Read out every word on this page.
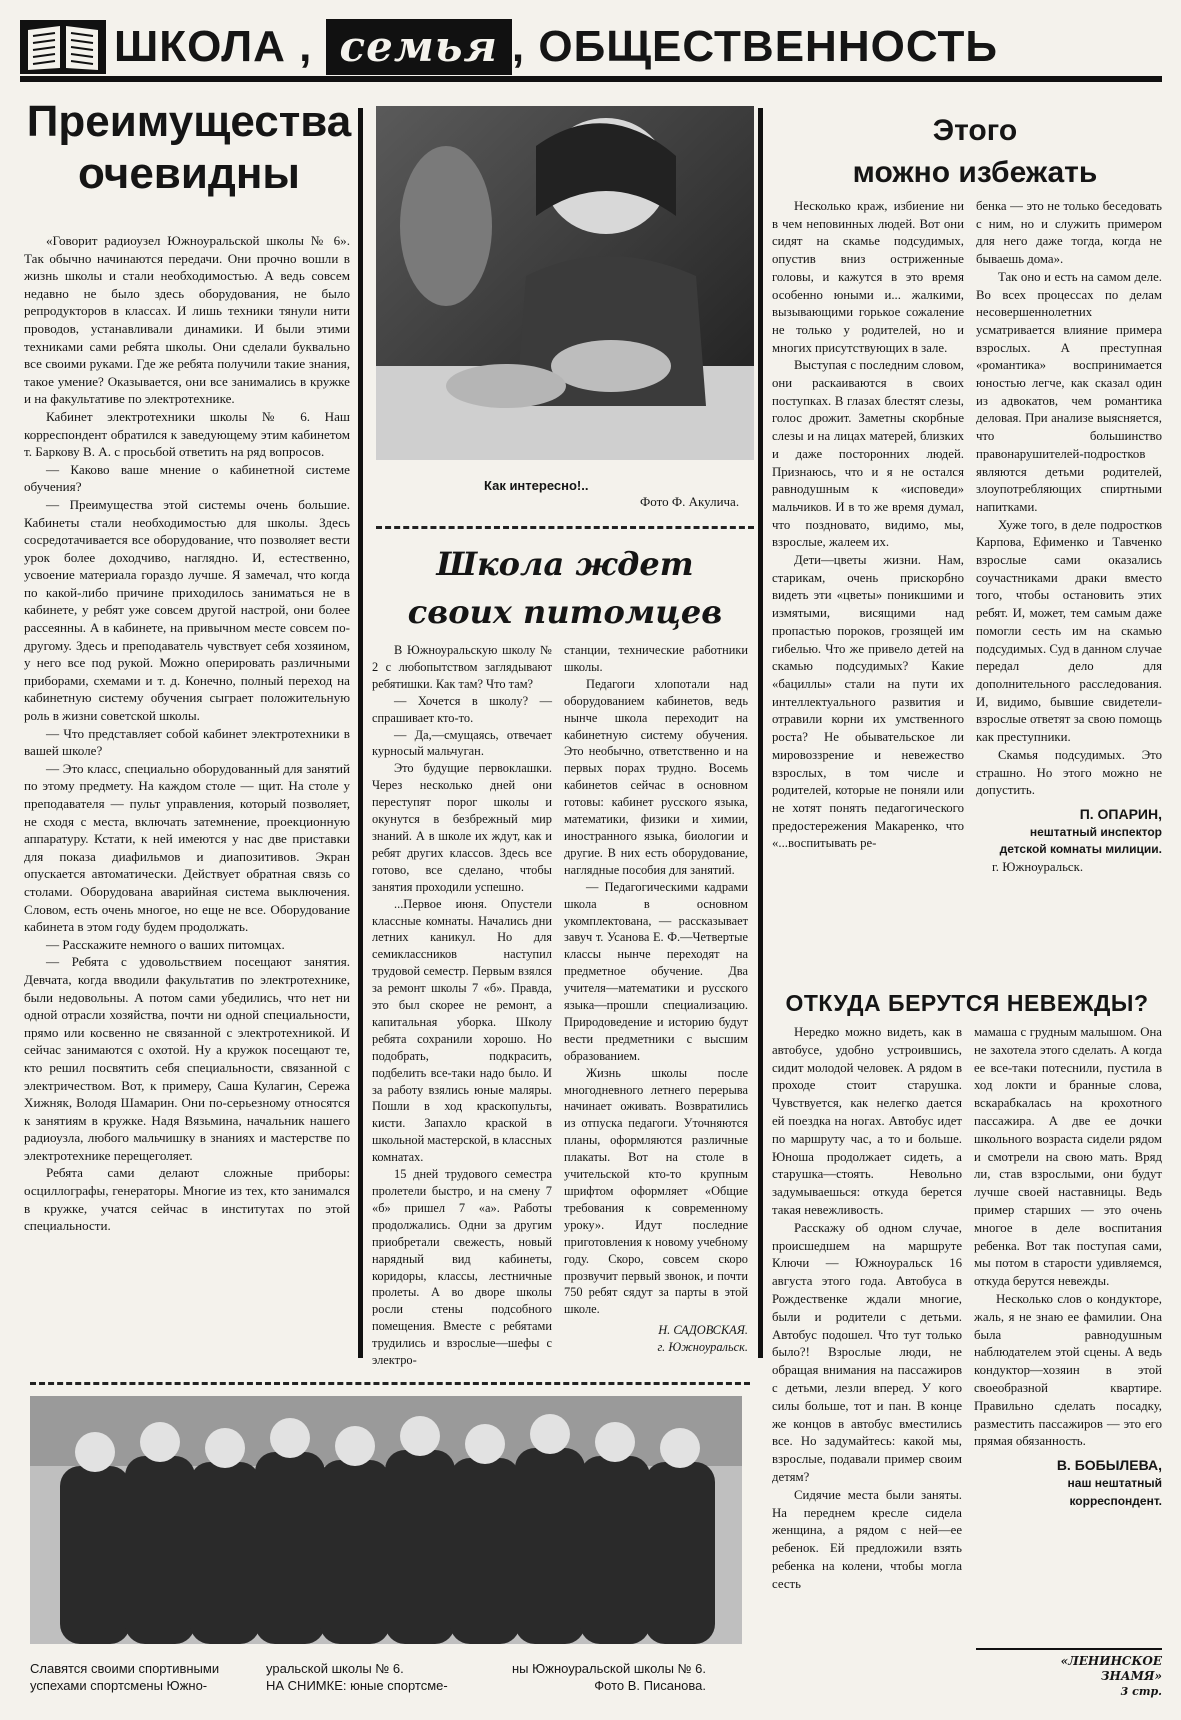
ШКОЛА , семья , ОБЩЕСТВЕННОСТЬ
Преимущества
очевидны

«Говорит радиоузел Южноуральской школы № 6». Так обычно начинаются передачи. Они прочно вошли в жизнь школы и стали необходимостью. А ведь совсем недавно не было здесь оборудования, не было репродукторов в классах. И лишь техники тянули нити проводов, устанавливали динамики. И были этими техниками сами ребята школы. Они сделали буквально все своими руками. Где же ребята получили такие знания, такое умение? Оказывается, они все занимались в кружке и на факультативе по электротехнике.

Кабинет электротехники школы № 6. Наш корреспондент обратился к заведующему этим кабинетом т. Баркову В. А. с просьбой ответить на ряд вопросов.

— Каково ваше мнение о кабинетной системе обучения?

— Преимущества этой системы очень большие. Кабинеты стали необходимостью для школы. Здесь сосредотачивается все оборудование, что позволяет вести урок более доходчиво, наглядно. И, естественно, усвоение материала гораздо лучше. Я замечал, что когда по какой-либо причине приходилось заниматься не в кабинете, у ребят уже совсем другой настрой, они более рассеянны. А в кабинете, на привычном месте совсем по-другому. Здесь и преподаватель чувствует себя хозяином, у него все под рукой. Можно оперировать различными приборами, схемами и т. д. Конечно, полный переход на кабинетную систему обучения сыграет положительную роль в жизни советской школы.

— Что представляет собой кабинет электротехники в вашей школе?

— Это класс, специально оборудованный для занятий по этому предмету. На каждом столе — щит. На столе у преподавателя — пульт управления, который позволяет, не сходя с места, включать затемнение, проекционную аппаратуру. Кстати, к ней имеются у нас две приставки для показа диафильмов и диапозитивов. Экран опускается автоматически. Действует обратная связь со столами. Оборудована аварийная система выключения. Словом, есть очень многое, но еще не все. Оборудование кабинета в этом году будем продолжать.

— Расскажите немного о ваших питомцах.

— Ребята с удовольствием посещают занятия. Девчата, когда вводили факультатив по электротехнике, были недовольны. А потом сами убедились, что нет ни одной отрасли хозяйства, почти ни одной специальности, прямо или косвенно не связанной с электротехникой. И сейчас занимаются с охотой. Ну а кружок посещают те, кто решил посвятить себя специальности, связанной с электричеством. Вот, к примеру, Саша Кулагин, Сережа Хижняк, Володя Шамарин. Они по-серьезному относятся к занятиям в кружке. Надя Вязьмина, начальник нашего радиоузла, любого мальчишку в знаниях и мастерстве по электротехнике перещеголяет.

Ребята сами делают сложные приборы: осциллографы, генераторы. Многие из тех, кто занимался в кружке, учатся сейчас в институтах по этой специальности.

Как интересно!..
Фото Ф. Акулича.
Школа ждет
своих питомцев

В Южноуральскую школу № 2 с любопытством заглядывают ребятишки. Как там? Что там?

— Хочется в школу? — спрашивает кто-то.

— Да,—смущаясь, отвечает курносый мальчуган.

Это будущие первоклашки. Через несколько дней они переступят порог школы и окунутся в безбрежный мир знаний. А в школе их ждут, как и ребят других классов. Здесь все готово, все сделано, чтобы занятия проходили успешно.

...Первое июня. Опустели классные комнаты. Начались дни летних каникул. Но для семиклассников наступил трудовой семестр. Первым взялся за ремонт школы 7 «б». Правда, это был скорее не ремонт, а капитальная уборка. Школу ребята сохранили хорошо. Но подобрать, подкрасить, подбелить все-таки надо было. И за работу взялись юные маляры. Пошли в ход краскопульты, кисти. Запахло краской в школьной мастерской, в классных комнатах.

15 дней трудового семестра пролетели быстро, и на смену 7 «б» пришел 7 «а». Работы продолжались. Одни за другим приобретали свежесть, новый нарядный вид кабинеты, коридоры, классы, лестничные пролеты. А во дворе школы росли стены подсобного помещения. Вместе с ребятами трудились и взрослые—шефы с электро-

станции, технические работники школы.

Педагоги хлопотали над оборудованием кабинетов, ведь нынче школа переходит на кабинетную систему обучения. Это необычно, ответственно и на первых порах трудно. Восемь кабинетов сейчас в основном готовы: кабинет русского языка, математики, физики и химии, иностранного языка, биологии и другие. В них есть оборудование, наглядные пособия для занятий.

— Педагогическими кадрами школа в основном укомплектована, — рассказывает завуч т. Усанова Е. Ф.—Четвертые классы нынче переходят на предметное обучение. Два учителя—математики и русского языка—прошли специализацию. Природоведение и историю будут вести предметники с высшим образованием.

Жизнь школы после многодневного летнего перерыва начинает оживать. Возвратились из отпуска педагоги. Уточняются планы, оформляются различные плакаты. Вот на столе в учительской кто-то крупным шрифтом оформляет «Общие требования к современному уроку». Идут последние приготовления к новому учебному году. Скоро, совсем скоро прозвучит первый звонок, и почти 750 ребят сядут за парты в этой школе.

Н. САДОВСКАЯ.

г. Южноуральск.

Этого
можно избежать

Несколько краж, избиение ни в чем неповинных людей. Вот они сидят на скамье подсудимых, опустив вниз остриженные головы, и кажутся в это время особенно юными и... жалкими, вызывающими горькое сожаление не только у родителей, но и многих присутствующих в зале.

Выступая с последним словом, они раскаиваются в своих поступках. В глазах блестят слезы, голос дрожит. Заметны скорбные слезы и на лицах матерей, близких и даже посторонних людей. Признаюсь, что и я не остался равнодушным к «исповеди» мальчиков. И в то же время думал, что поздновато, видимо, мы, взрослые, жалеем их.

Дети—цветы жизни. Нам, старикам, очень прискорбно видеть эти «цветы» поникшими и измятыми, висящими над пропастью пороков, грозящей им гибелью. Что же привело детей на скамью подсудимых? Какие «бациллы» стали на пути их интеллектуального развития и отравили корни их умственного роста? Не обывательское ли мировоззрение и невежество взрослых, в том числе и родителей, которые не поняли или не хотят понять педагогического предостережения Макаренко, что «...воспитывать ре-

бенка — это не только беседовать с ним, но и служить примером для него даже тогда, когда не бываешь дома».

Так оно и есть на самом деле. Во всех процессах по делам несовершеннолетних усматривается влияние примера взрослых. А преступная «романтика» воспринимается юностью легче, как сказал один из адвокатов, чем романтика деловая. При анализе выясняется, что большинство правонарушителей-подростков являются детьми родителей, злоупотребляющих спиртными напитками.

Хуже того, в деле подростков Карпова, Ефименко и Тавченко взрослые сами оказались соучастниками драки вместо того, чтобы остановить этих ребят. И, может, тем самым даже помогли сесть им на скамью подсудимых. Суд в данном случае передал дело для дополнительного расследования. И, видимо, бывшие свидетели-взрослые ответят за свою помощь как преступники.

Скамья подсудимых. Это страшно. Но этого можно не допустить.

П. ОПАРИН,
нештатный инспектор
детской комнаты милиции.
г. Южноуральск.
ОТКУДА БЕРУТСЯ НЕВЕЖДЫ?

Нередко можно видеть, как в автобусе, удобно устроившись, сидит молодой человек. А рядом в проходе стоит старушка. Чувствуется, как нелегко дается ей поездка на ногах. Автобус идет по маршруту час, а то и больше. Юноша продолжает сидеть, а старушка—стоять. Невольно задумываешься: откуда берется такая невежливость.

Расскажу об одном случае, происшедшем на маршруте Ключи — Южноуральск 16 августа этого года. Автобуса в Рождественке ждали многие, были и родители с детьми. Автобус подошел. Что тут только было?! Взрослые люди, не обращая внимания на пассажиров с детьми, лезли вперед. У кого силы больше, тот и пан. В конце же концов в автобус вместились все. Но задумайтесь: какой мы, взрослые, подавали пример своим детям?

Сидячие места были заняты. На переднем кресле сидела женщина, а рядом с ней—ее ребенок. Ей предложили взять ребенка на колени, чтобы могла сесть

мамаша с грудным малышом. Она не захотела этого сделать. А когда ее все-таки потеснили, пустила в ход локти и бранные слова, вскарабкалась на крохотного пассажира. А две ее дочки школьного возраста сидели рядом и смотрели на свою мать. Вряд ли, став взрослыми, они будут лучше своей наставницы. Ведь пример старших — это очень многое в деле воспитания ребенка. Вот так поступая сами, мы потом в старости удивляемся, откуда берутся невежды.

Несколько слов о кондукторе, жаль, я не знаю ее фамилии. Она была равнодушным наблюдателем этой сцены. А ведь кондуктор—хозяин в этой своеобразной квартире. Правильно сделать посадку, разместить пассажиров — это его прямая обязанность.

В. БОБЫЛЕВА,
наш нештатный корреспондент.
Славятся своими спортивными
успехами спортсмены Южно-
уральской школы № 6.
НА СНИМКЕ: юные спортсме-
ны Южноуральской школы № 6.
Фото В. Писанова.
«ЛЕНИНСКОЕ
ЗНАМЯ»
3 стр.
